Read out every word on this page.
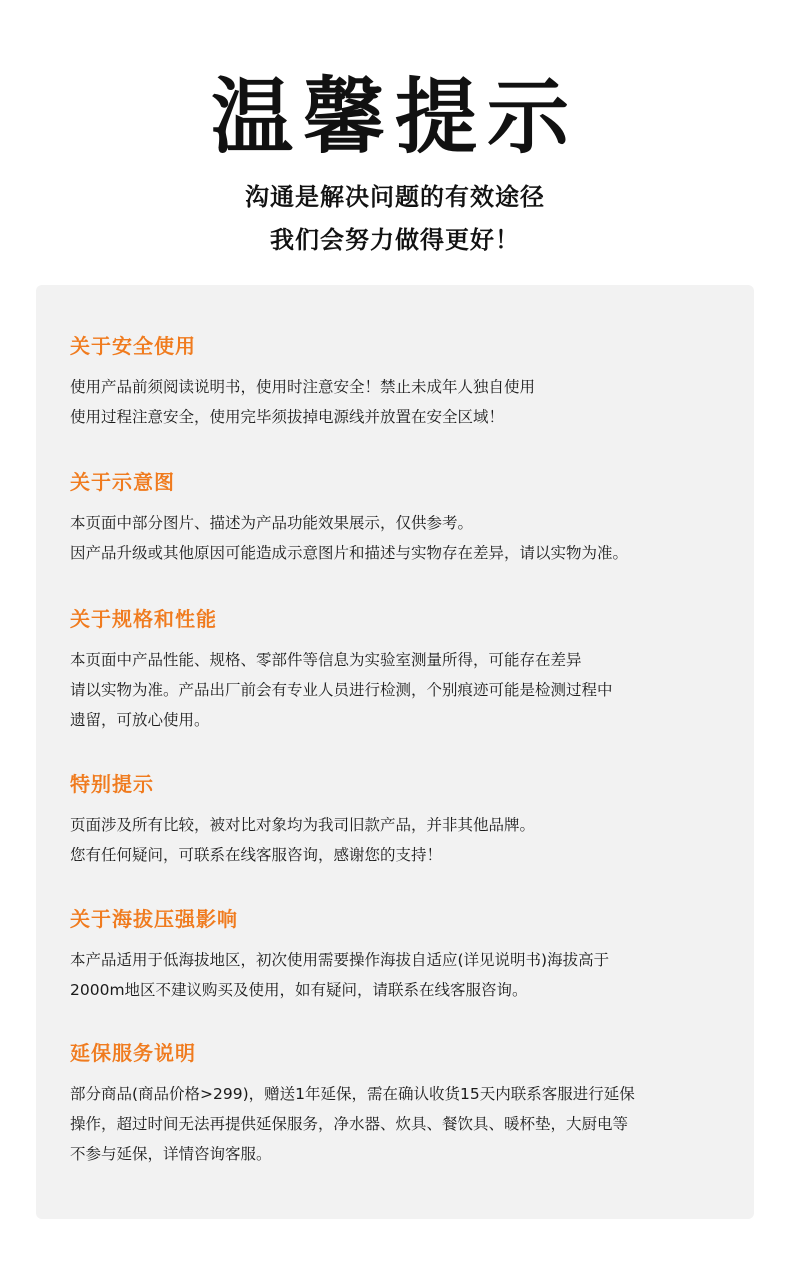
温馨提示
沟通是解决问题的有效途径
我们会努力做得更好！
关于安全使用
使用产品前须阅读说明书，使用时注意安全！禁止未成年人独自使用
使用过程注意安全，使用完毕须拔掉电源线并放置在安全区域！
关于示意图
本页面中部分图片、描述为产品功能效果展示，仅供参考。
因产品升级或其他原因可能造成示意图片和描述与实物存在差异，请以实物为准。
关于规格和性能
本页面中产品性能、规格、零部件等信息为实验室测量所得，可能存在差异
请以实物为准。产品出厂前会有专业人员进行检测，个别痕迹可能是检测过程中
遗留，可放心使用。
特别提示
页面涉及所有比较，被对比对象均为我司旧款产品，并非其他品牌。
您有任何疑问，可联系在线客服咨询，感谢您的支持！
关于海拔压强影响
本产品适用于低海拔地区，初次使用需要操作海拔自适应(详见说明书)海拔高于
2000m地区不建议购买及使用，如有疑问，请联系在线客服咨询。
延保服务说明
部分商品(商品价格>299)，赠送1年延保，需在确认收货15天内联系客服进行延保
操作，超过时间无法再提供延保服务，净水器、炊具、餐饮具、暖杯垫，大厨电等
不参与延保，详情咨询客服。
